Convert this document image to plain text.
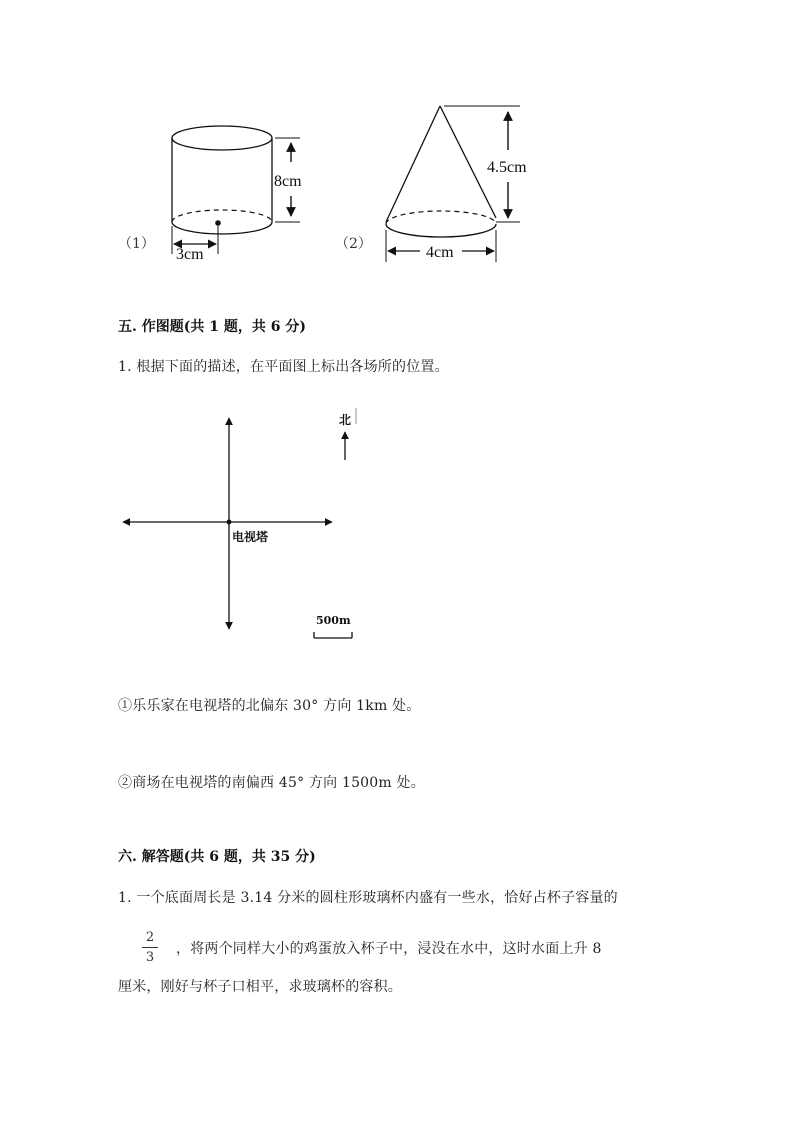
（1）
8cm
3cm
（2）
4.5cm
4cm
五. 作图题(共 1 题，共 6 分)
1. 根据下面的描述，在平面图上标出各场所的位置。
北
电视塔
500m
①乐乐家在电视塔的北偏东 30° 方向 1km 处。
②商场在电视塔的南偏西 45° 方向 1500m 处。
六. 解答题(共 6 题，共 35 分)
1. 一个底面周长是 3.14 分米的圆柱形玻璃杯内盛有一些水，恰好占杯子容量的
2
3
，将两个同样大小的鸡蛋放入杯子中，浸没在水中，这时水面上升 8
厘米，刚好与杯子口相平，求玻璃杯的容积。
